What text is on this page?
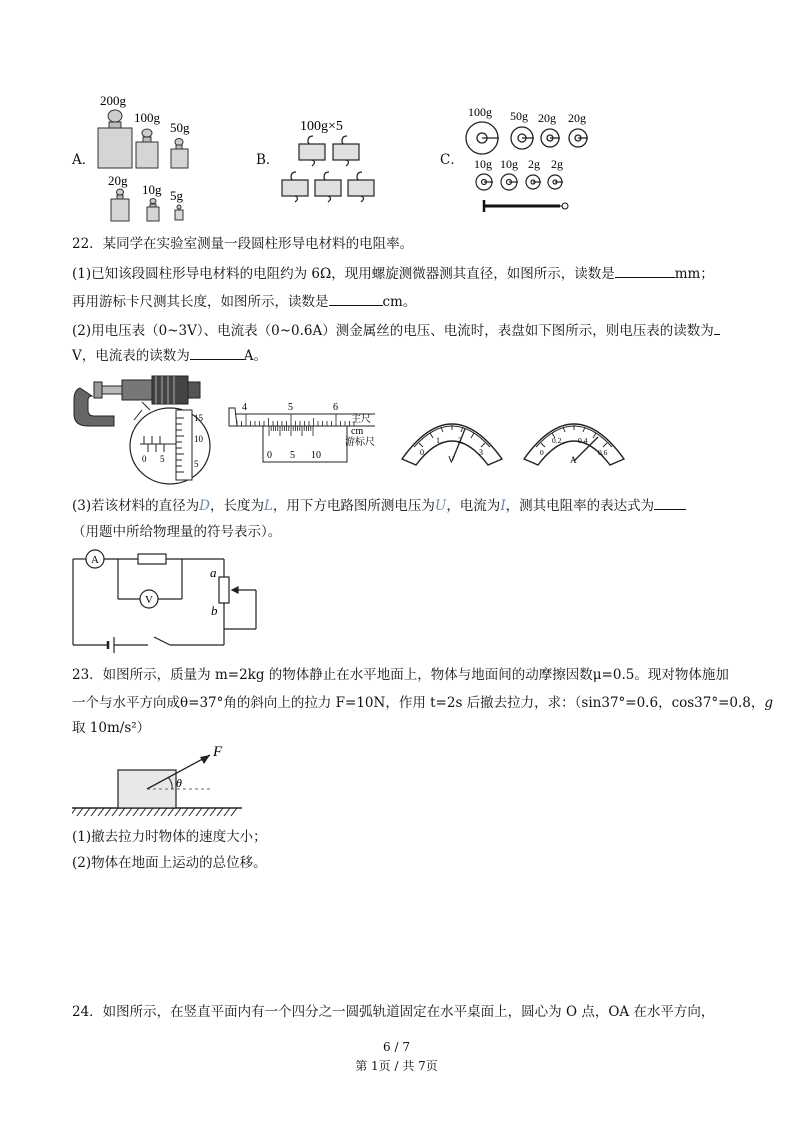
A．
200g
100g
50g
20g
10g 5g
B．
100g×5
C．
100g 50g 20g 20g
10g 10g 2g 2g
22．某同学在实验室测量一段圆柱形导电材料的电阻率。
(1)已知该段圆柱形导电材料的电阻约为 6Ω，现用螺旋测微器测其直径，如图所示，读数是	mm；
再用游标卡尺测其长度，如图所示，读数是	cm。
(2)用电压表（0~3V）、电流表（0~0.6A）测金属丝的电压、电流时，表盘如下图所示，则电压表的读数为
V，电流表的读数为	A。
15
10
5
0 5
4	5	6
主尺
cm
0 5 10
游标尺
0
1 2
3
V
0
0.2 0.4
0.6
A
(3)若该材料的直径为D，长度为L，用下方电路图所测电压为U，电流为I，测其电阻率的表达式为
（用题中所给物理量的符号表示）。
A
V
a
b
23．如图所示，质量为 m=2kg 的物体静止在水平地面上，物体与地面间的动摩擦因数μ=0.5。现对物体施加
一个与水平方向成θ=37°角的斜向上的拉力 F=10N，作用 t=2s 后撤去拉力，求：（sin37°=0.6，cos37°=0.8，g
取 10m/s²）
F
θ
(1)撤去拉力时物体的速度大小；
(2)物体在地面上运动的总位移。
24．如图所示，在竖直平面内有一个四分之一圆弧轨道固定在水平桌面上，圆心为 O 点，OA 在水平方向，
6 / 7
第 1页 / 共 7页
